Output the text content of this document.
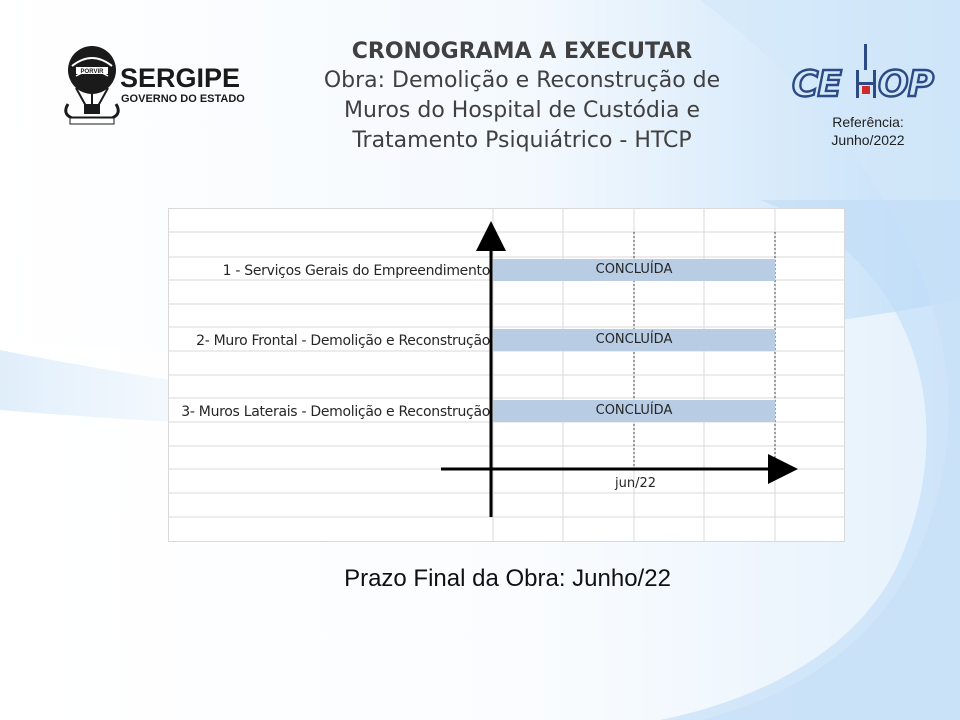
PORVIR SERGIPE
GOVERNO DO ESTADO
CRONOGRAMA A EXECUTAR
Obra: Demolição e Reconstrução de
Muros do Hospital de Custódia e
Tratamento Psiquiátrico - HTCP
CE OP
Referência:
Junho/2022
1 - Serviços Gerais do Empreendimento	CONCLUÍDA
2- Muro Frontal - Demolição e Reconstrução	CONCLUÍDA
3- Muros Laterais - Demolição e Reconstrução	CONCLUÍDA
jun/22
Prazo Final da Obra: Junho/22
